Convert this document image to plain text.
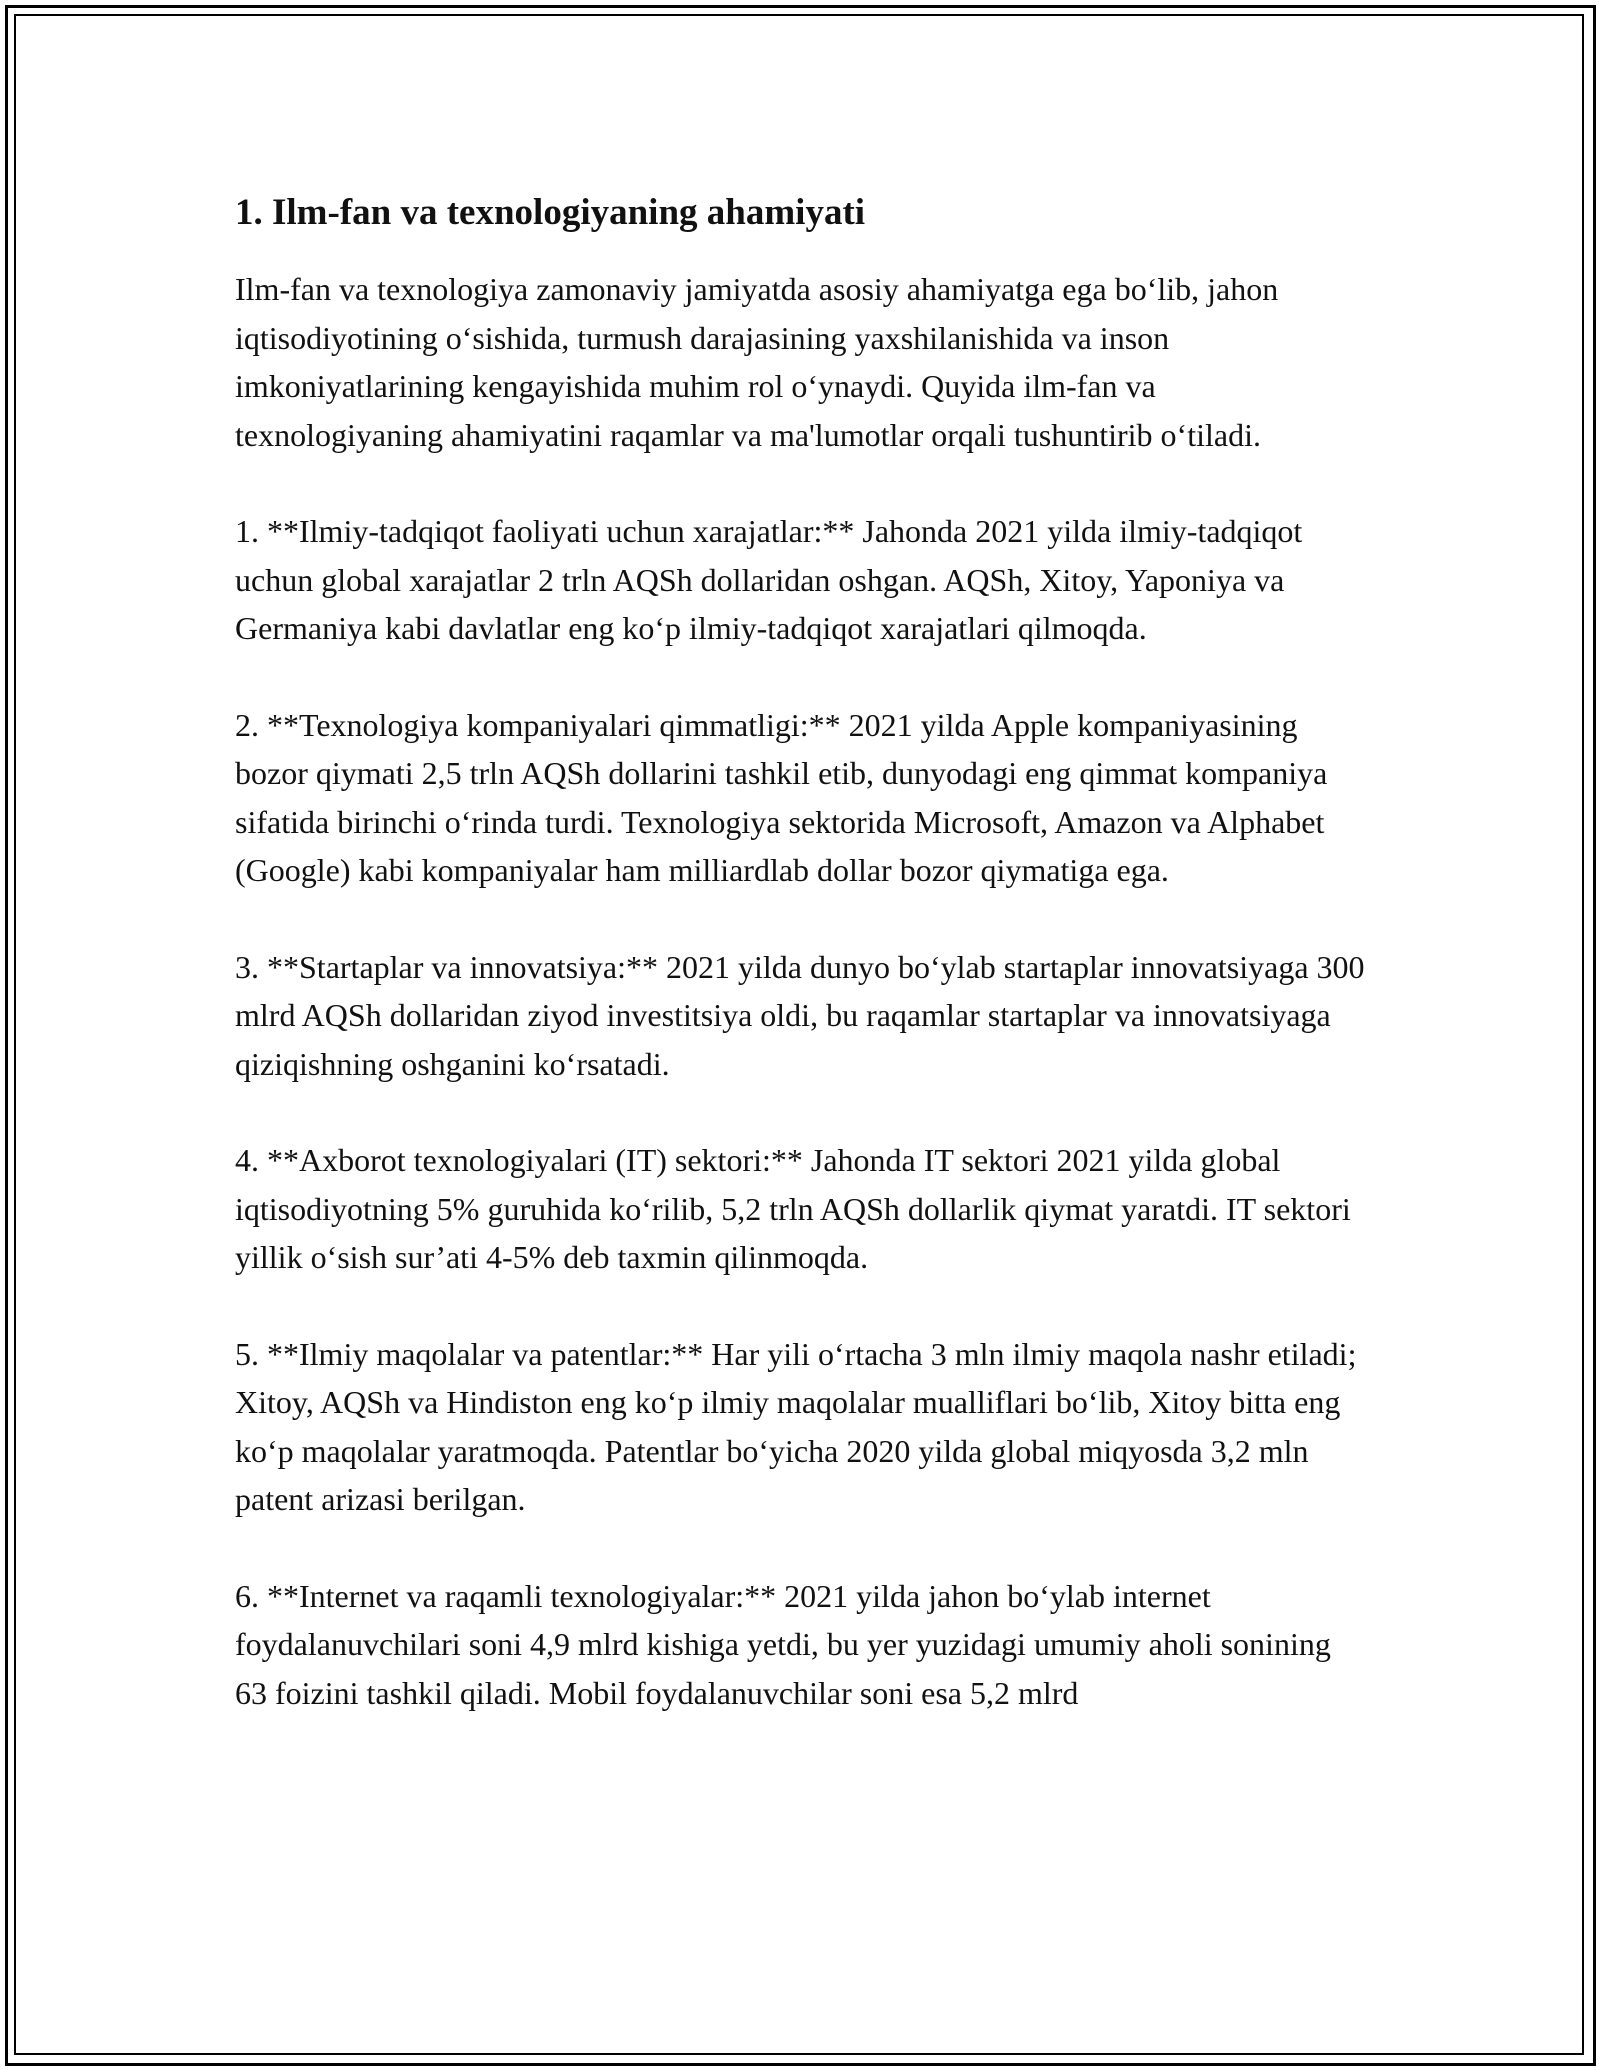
1. Ilm-fan va texnologiyaning ahamiyati

Ilm-fan va texnologiya zamonaviy jamiyatda asosiy ahamiyatga ega boʻlib, jahon iqtisodiyotining oʻsishida, turmush darajasining yaxshilanishida va inson imkoniyatlarining kengayishida muhim rol oʻynaydi. Quyida ilm-fan va texnologiyaning ahamiyatini raqamlar va ma'lumotlar orqali tushuntirib oʻtiladi.

1. **Ilmiy-tadqiqot faoliyati uchun xarajatlar:** Jahonda 2021 yilda ilmiy-tadqiqot uchun global xarajatlar 2 trln AQSh dollaridan oshgan. AQSh, Xitoy, Yaponiya va Germaniya kabi davlatlar eng koʻp ilmiy-tadqiqot xarajatlari qilmoqda.

2. **Texnologiya kompaniyalari qimmatligi:** 2021 yilda Apple kompaniyasining bozor qiymati 2,5 trln AQSh dollarini tashkil etib, dunyodagi eng qimmat kompaniya sifatida birinchi oʻrinda turdi. Texnologiya sektorida Microsoft, Amazon va Alphabet (Google) kabi kompaniyalar ham milliardlab dollar bozor qiymatiga ega.

3. **Startaplar va innovatsiya:** 2021 yilda dunyo boʻylab startaplar innovatsiyaga 300 mlrd AQSh dollaridan ziyod investitsiya oldi, bu raqamlar startaplar va innovatsiyaga qiziqishning oshganini koʻrsatadi.

4. **Axborot texnologiyalari (IT) sektori:** Jahonda IT sektori 2021 yilda global iqtisodiyotning 5% guruhida koʻrilib, 5,2 trln AQSh dollarlik qiymat yaratdi. IT sektori yillik oʻsish sur’ati 4-5% deb taxmin qilinmoqda.

5. **Ilmiy maqolalar va patentlar:** Har yili oʻrtacha 3 mln ilmiy maqola nashr etiladi; Xitoy, AQSh va Hindiston eng koʻp ilmiy maqolalar mualliflari boʻlib, Xitoy bitta eng koʻp maqolalar yaratmoqda. Patentlar boʻyicha 2020 yilda global miqyosda 3,2 mln patent arizasi berilgan.

6. **Internet va raqamli texnologiyalar:** 2021 yilda jahon boʻylab internet foydalanuvchilari soni 4,9 mlrd kishiga yetdi, bu yer yuzidagi umumiy aholi sonining 63 foizini tashkil qiladi. Mobil foydalanuvchilar soni esa 5,2 mlrd
